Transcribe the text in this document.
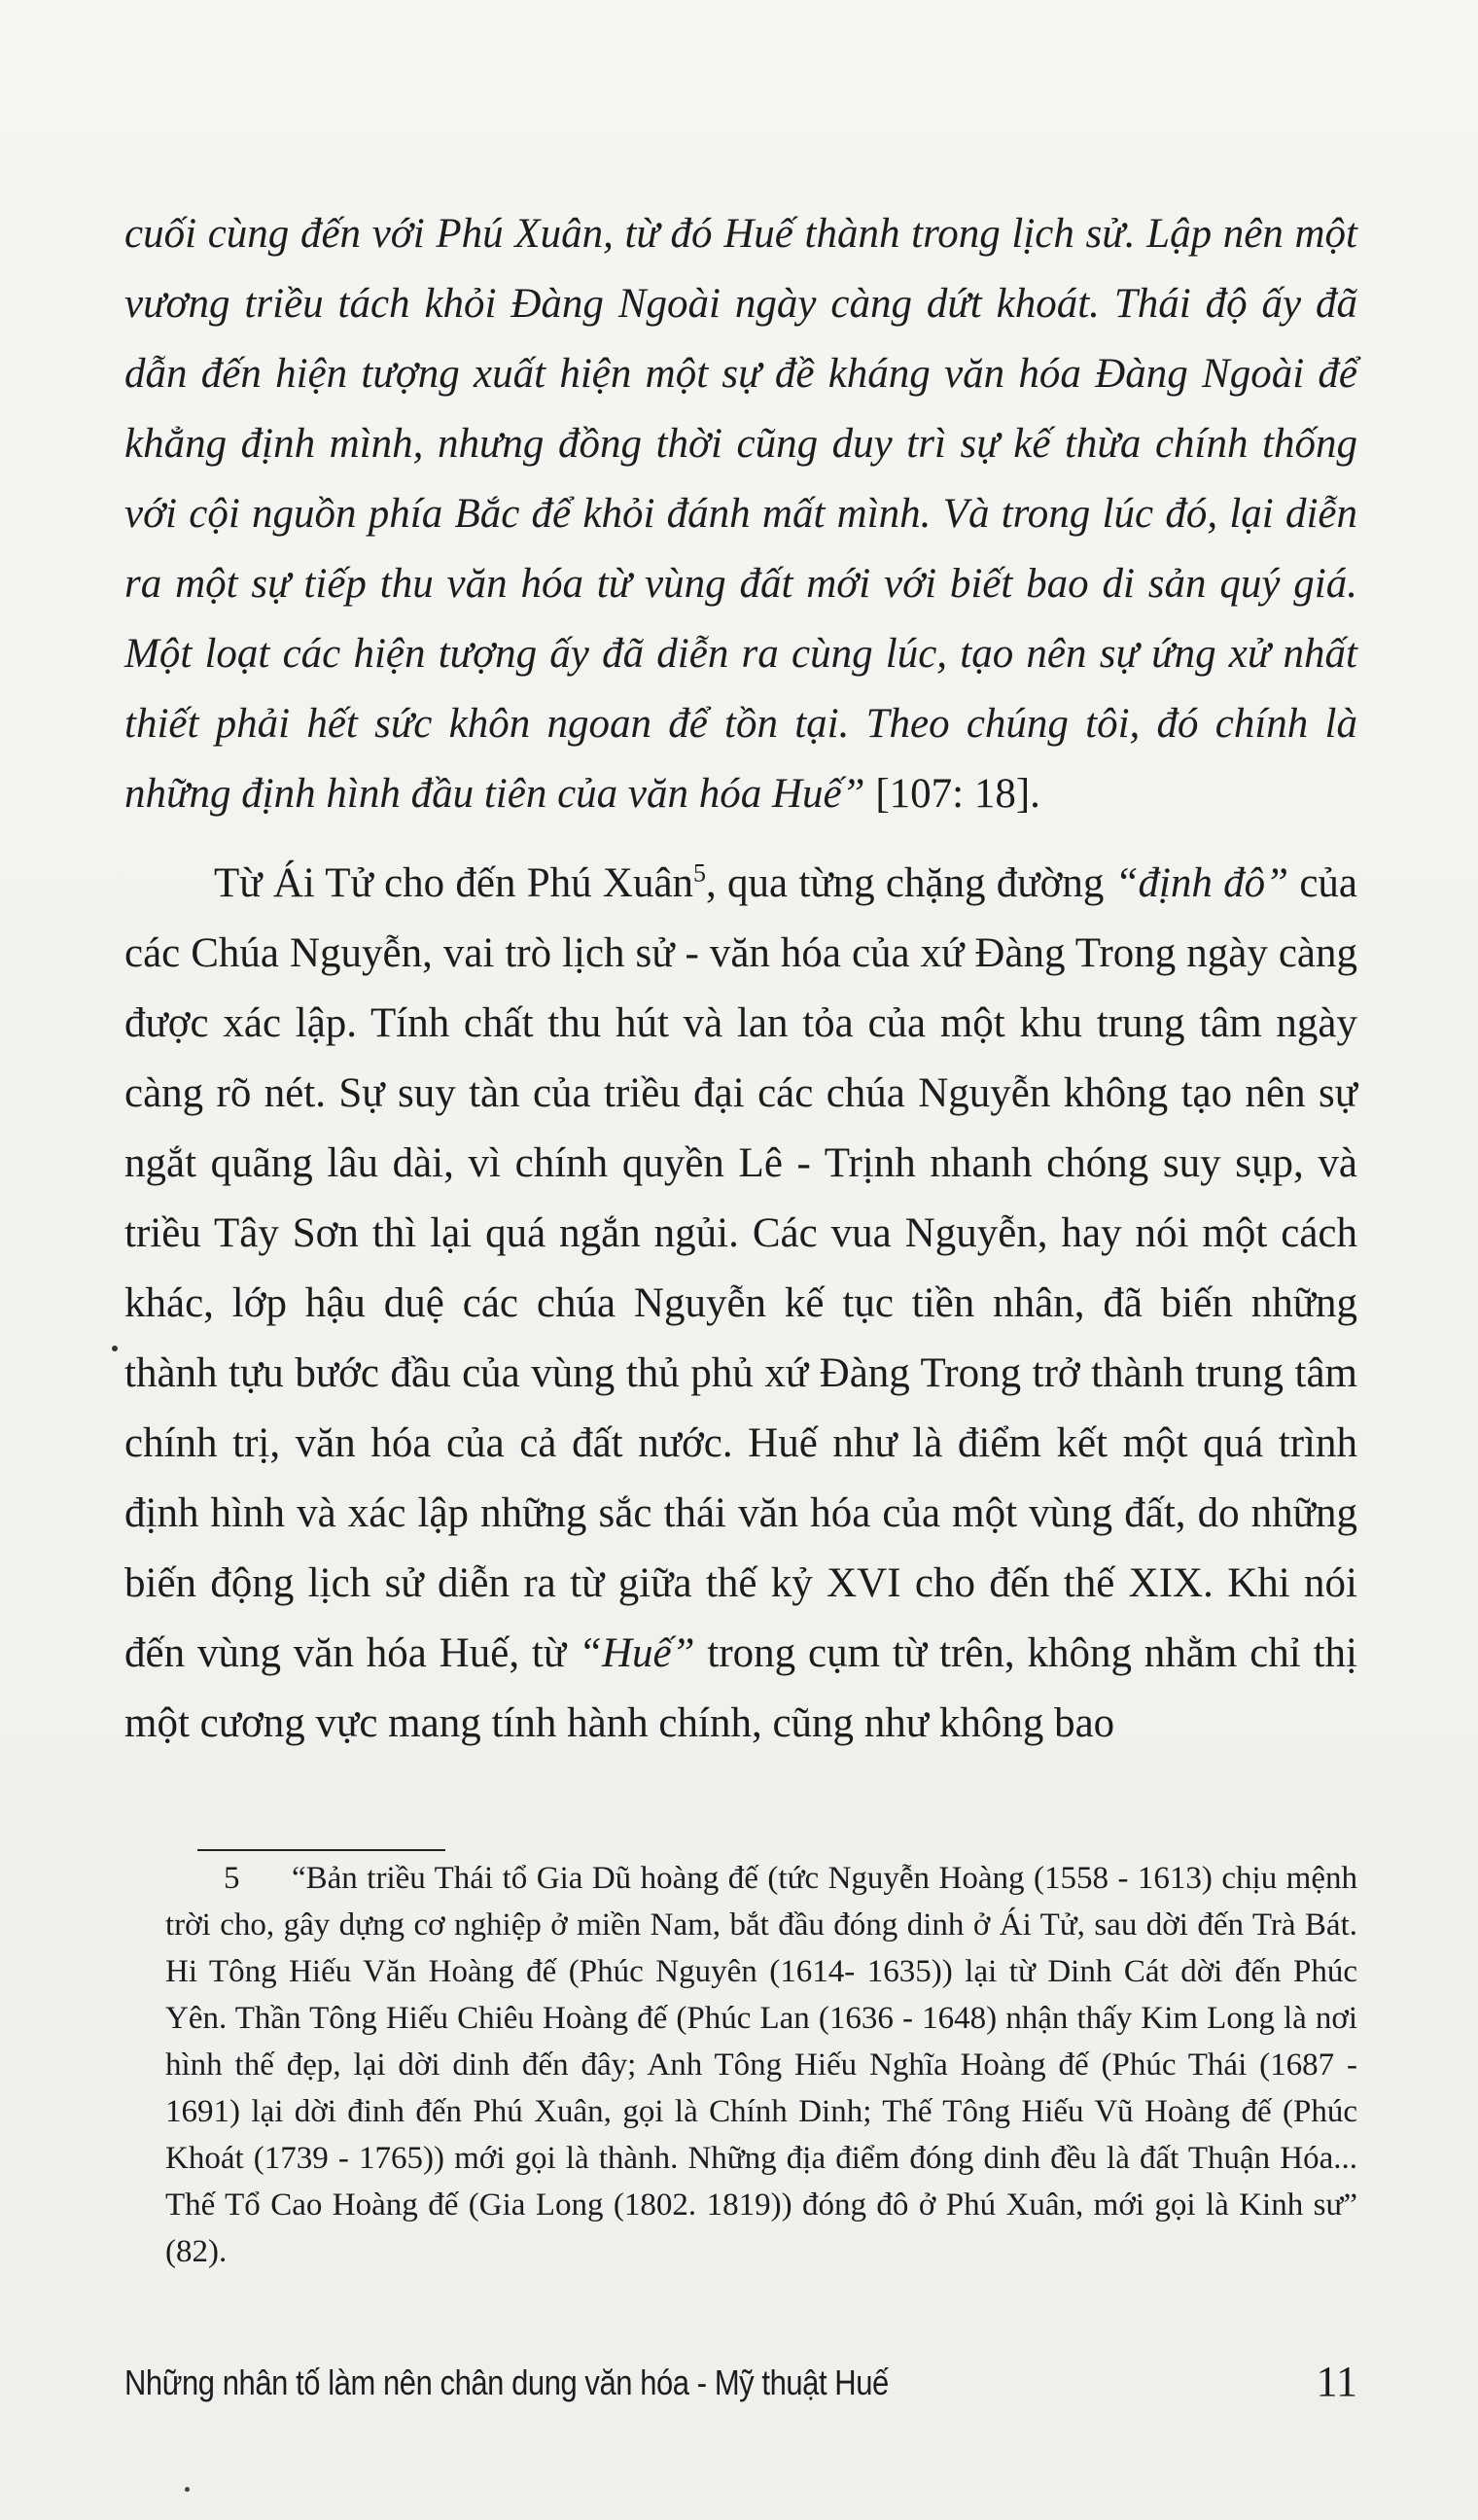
cuối cùng đến với Phú Xuân, từ đó Huế thành trong lịch sử. Lập nên một vương triều tách khỏi Đàng Ngoài ngày càng dứt khoát. Thái độ ấy đã dẫn đến hiện tượng xuất hiện một sự đề kháng văn hóa Đàng Ngoài để khẳng định mình, nhưng đồng thời cũng duy trì sự kế thừa chính thống với cội nguồn phía Bắc để khỏi đánh mất mình. Và trong lúc đó, lại diễn ra một sự tiếp thu văn hóa từ vùng đất mới với biết bao di sản quý giá. Một loạt các hiện tượng ấy đã diễn ra cùng lúc, tạo nên sự ứng xử nhất thiết phải hết sức khôn ngoan để tồn tại. Theo chúng tôi, đó chính là những định hình đầu tiên của văn hóa Huế” [107: 18].

Từ Ái Tử cho đến Phú Xuân$^5$, qua từng chặng đường “định đô” của các Chúa Nguyễn, vai trò lịch sử - văn hóa của xứ Đàng Trong ngày càng được xác lập. Tính chất thu hút và lan tỏa của một khu trung tâm ngày càng rõ nét. Sự suy tàn của triều đại các chúa Nguyễn không tạo nên sự ngắt quãng lâu dài, vì chính quyền Lê - Trịnh nhanh chóng suy sụp, và triều Tây Sơn thì lại quá ngắn ngủi. Các vua Nguyễn, hay nói một cách khác, lớp hậu duệ các chúa Nguyễn kế tục tiền nhân, đã biến những thành tựu bước đầu của vùng thủ phủ xứ Đàng Trong trở thành trung tâm chính trị, văn hóa của cả đất nước. Huế như là điểm kết một quá trình định hình và xác lập những sắc thái văn hóa của một vùng đất, do những biến động lịch sử diễn ra từ giữa thế kỷ XVI cho đến thế XIX. Khi nói đến vùng văn hóa Huế, từ “Huế” trong cụm từ trên, không nhằm chỉ thị một cương vực mang tính hành chính, cũng như không bao

5 “Bản triều Thái tổ Gia Dũ hoàng đế (tức Nguyễn Hoàng (1558 - 1613) chịu mệnh trời cho, gây dựng cơ nghiệp ở miền Nam, bắt đầu đóng dinh ở Ái Tử, sau dời đến Trà Bát. Hi Tông Hiếu Văn Hoàng đế (Phúc Nguyên (1614- 1635)) lại từ Dinh Cát dời đến Phúc Yên. Thần Tông Hiếu Chiêu Hoàng đế (Phúc Lan (1636 - 1648) nhận thấy Kim Long là nơi hình thế đẹp, lại dời dinh đến đây; Anh Tông Hiếu Nghĩa Hoàng đế (Phúc Thái (1687 - 1691) lại dời đinh đến Phú Xuân, gọi là Chính Dinh; Thế Tông Hiếu Vũ Hoàng đế (Phúc Khoát (1739 - 1765)) mới gọi là thành. Những địa điểm đóng dinh đều là đất Thuận Hóa... Thế Tổ Cao Hoàng đế (Gia Long (1802. 1819)) đóng đô ở Phú Xuân, mới gọi là Kinh sư” (82).

Những nhân tố làm nên chân dung văn hóa - Mỹ thuật Huế	11
